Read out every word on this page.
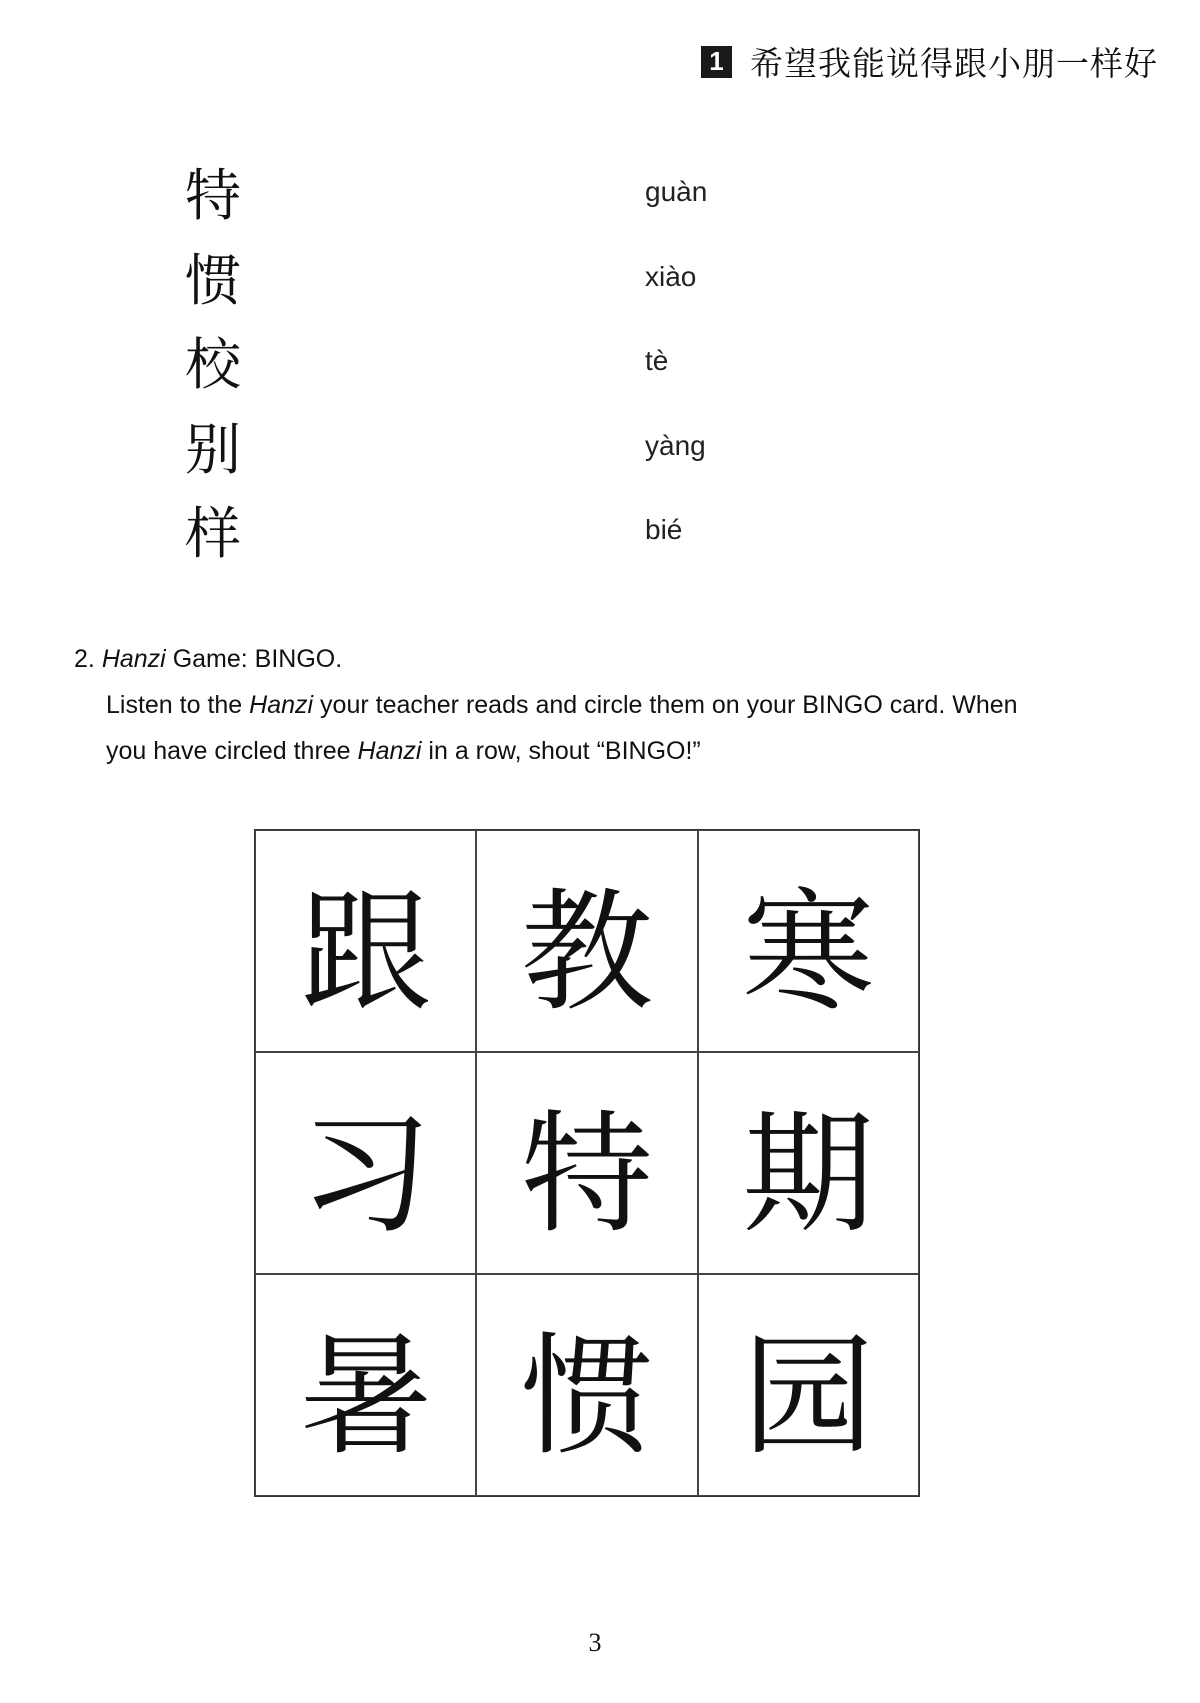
1 希望我能说得跟小朋一样好
特	guàn
惯	xiào
校	tè
别	yàng
样	bié
2. Hanzi Game: BINGO.
Listen to the Hanzi your teacher reads and circle them on your BINGO card. When
you have circled three Hanzi in a row, shout “BINGO!”
跟 教 寒
习 特 期
暑 惯 园
3
